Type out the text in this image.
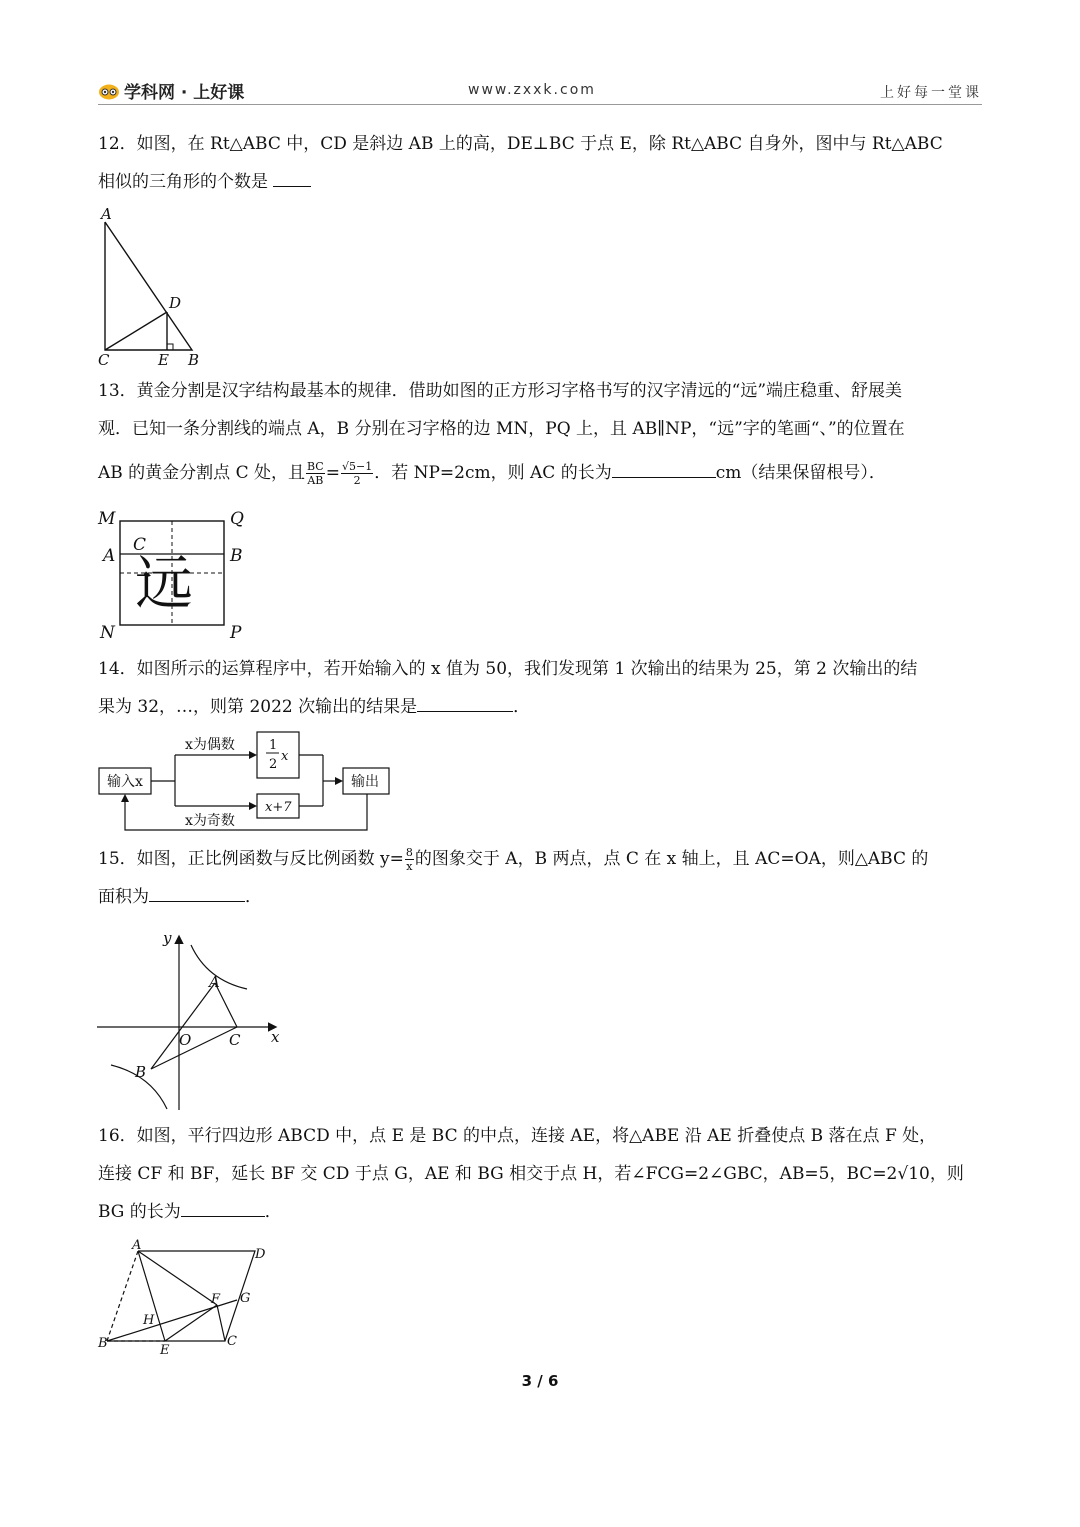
学科网 · 上好课	www.zxxk.com	上好每一堂课
12．如图，在 Rt△ABC 中，CD 是斜边 AB 上的高，DE⊥BC 于点 E，除 Rt△ABC 自身外，图中与 Rt△ABC
相似的三角形的个数是
A
D
C	E B
13．黄金分割是汉字结构最基本的规律．借助如图的正方形习字格书写的汉字清远的“远”端庄稳重、舒展美
观．已知一条分割线的端点 A，B 分别在习字格的边 MN，PQ 上，且 AB∥NP，“远”字的笔画“、”的位置在
AB 的黄金分割点 C 处，且 $\frac{BC}{AB} = \frac{√5-1}{2}$ ．若 NP=2cm，则 AC 的长为	cm（结果保留根号）．
远
M	Q
A
C
B
N	P
14．如图所示的运算程序中，若开始输入的 x 值为 50，我们发现第 1 次输出的结果为 25，第 2 次输出的结
果为 32，…，则第 2022 次输出的结果是	．
输入x	输出
x为偶数
x为奇数
1
2
x
x+7
15．如图，正比例函数与反比例函数 $y= \frac{8}{x}$ 的图象交于 A，B 两点，点 C 在 x 轴上，且 AC=OA，则△ABC 的
面积为	．
y
x
A
O	C
B
16．如图，平行四边形 ABCD 中，点 E 是 BC 的中点，连接 AE，将△ABE 沿 AE 折叠使点 B 落在点 F 处，
连接 CF 和 BF，延长 BF 交 CD 于点 G，AE 和 BG 相交于点 H，若∠FCG=2∠GBC，AB=5，BC=2√10，则
BG 的长为	．
A
D
G
F
H
B	E
C
3 / 6
